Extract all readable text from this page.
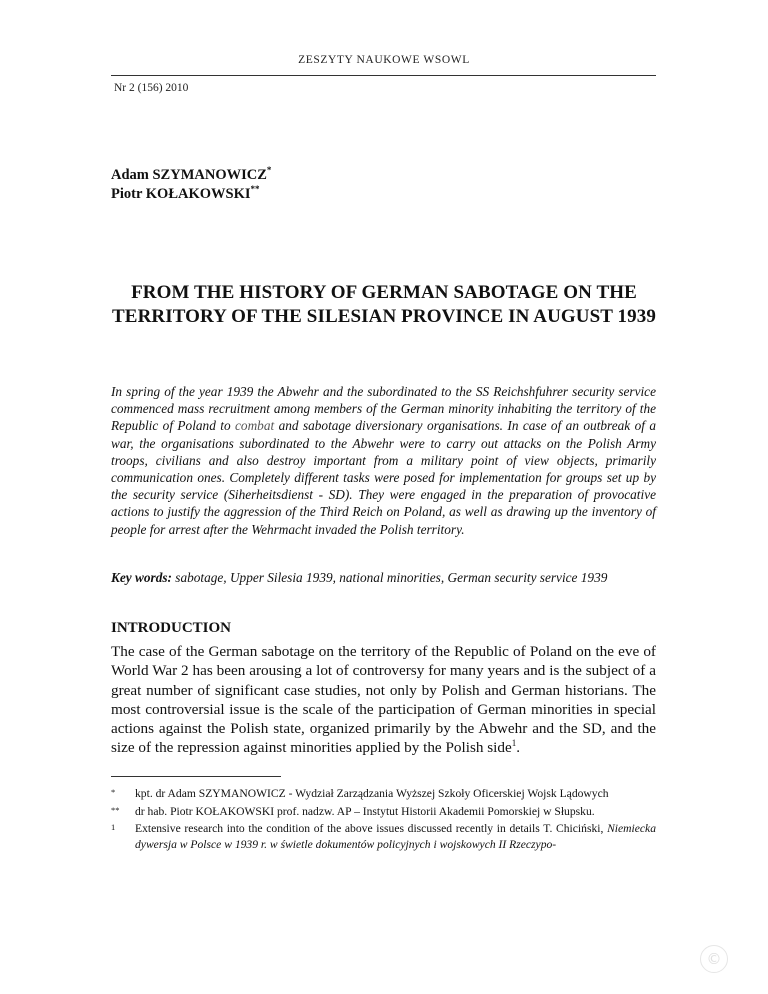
ZESZYTY NAUKOWE WSOWL
Nr 2 (156) 2010
Adam SZYMANOWICZ*
Piotr KOŁAKOWSKI**
FROM THE HISTORY OF GERMAN SABOTAGE ON THE
TERRITORY OF THE SILESIAN PROVINCE IN AUGUST 1939
In spring of the year 1939 the Abwehr and the subordinated to the SS Reichshfuhrer security service commenced mass recruitment among members of the German minority inhabiting the territory of the Republic of Poland to combat and sabotage diversionary organisations. In case of an outbreak of a war, the organisations subordinated to the Abwehr were to carry out attacks on the Polish Army troops, civilians and also destroy important from a military point of view objects, primarily communication ones. Completely different tasks were posed for implementation for groups set up by the security service (Siherheitsdienst - SD). They were engaged in the preparation of provocative actions to justify the aggression of the Third Reich on Poland, as well as drawing up the inventory of people for arrest after the Wehrmacht invaded the Polish territory.
Key words: sabotage, Upper Silesia 1939, national minorities, German security service 1939
INTRODUCTION
The case of the German sabotage on the territory of the Republic of Poland on the eve of World War 2 has been arousing a lot of controversy for many years and is the subject of a great number of significant case studies, not only by Polish and German historians. The most controversial issue is the scale of the participation of German minorities in special actions against the Polish state, organized primarily by the Abwehr and the SD, and the size of the repression against minorities applied by the Polish side$^1$.
*	kpt. dr Adam SZYMANOWICZ - Wydział Zarządzania Wyższej Szkoły Oficerskiej Wojsk Lądowych
**	dr hab. Piotr KOŁAKOWSKI prof. nadzw. AP – Instytut Historii Akademii Pomorskiej w Słupsku.
1	Extensive research into the condition of the above issues discussed recently in details T. Chiciński, Niemiecka dywersja w Polsce w 1939 r. w świetle dokumentów policyjnych i wojskowych II Rzeczypo-
©
